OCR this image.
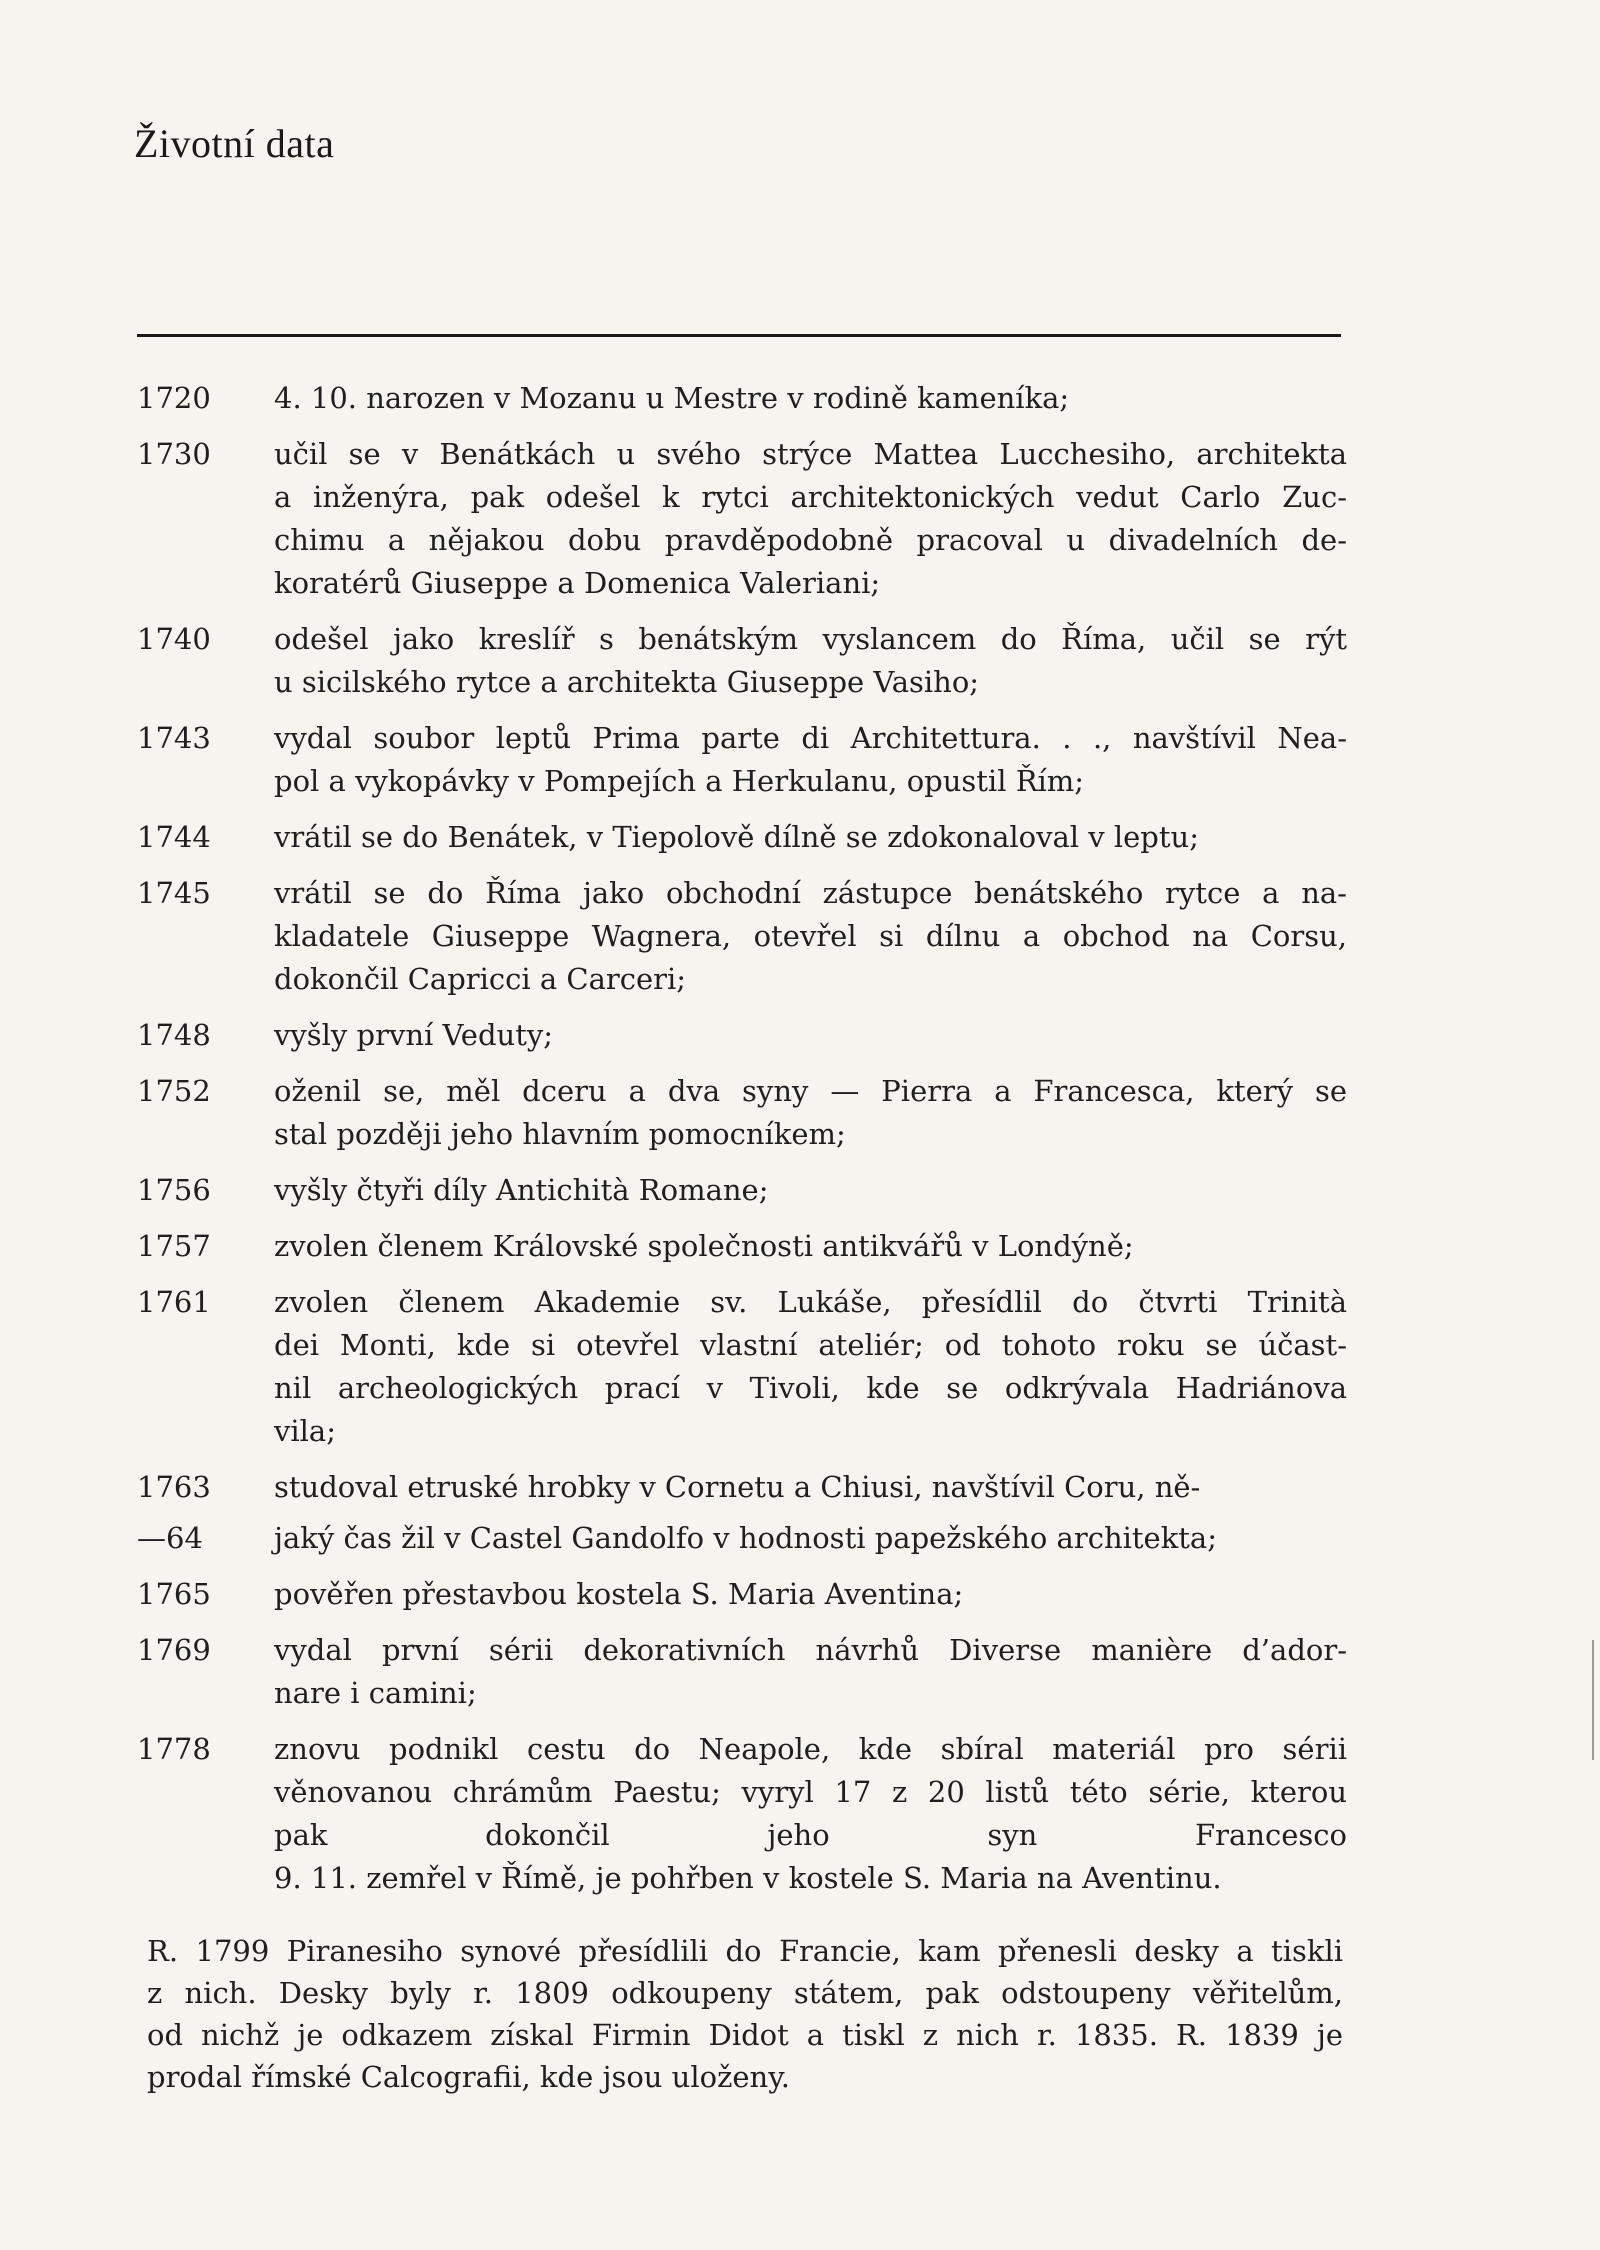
Životní data
1720	4. 10. narozen v Mozanu u Mestre v rodině kameníka;
1730	učil se v Benátkách u svého strýce Mattea Lucchesiho, architekta
a inženýra, pak odešel k rytci architektonických vedut Carlo Zuc-
chimu a nějakou dobu pravděpodobně pracoval u divadelních de-
koratérů Giuseppe a Domenica Valeriani;
1740	odešel jako kreslíř s benátským vyslancem do Říma, učil se rýt
u sicilského rytce a architekta Giuseppe Vasiho;
1743	vydal soubor leptů Prima parte di Architettura. . ., navštívil Nea-
pol a vykopávky v Pompejích a Herkulanu, opustil Řím;
1744	vrátil se do Benátek, v Tiepolově dílně se zdokonaloval v leptu;
1745	vrátil se do Říma jako obchodní zástupce benátského rytce a na-
kladatele Giuseppe Wagnera, otevřel si dílnu a obchod na Corsu,
dokončil Capricci a Carceri;
1748	vyšly první Veduty;
1752	oženil se, měl dceru a dva syny — Pierra a Francesca, který se
stal později jeho hlavním pomocníkem;
1756	vyšly čtyři díly Antichità Romane;
1757	zvolen členem Královské společnosti antikvářů v Londýně;
1761	zvolen členem Akademie sv. Lukáše, přesídlil do čtvrti Trinità
dei Monti, kde si otevřel vlastní ateliér; od tohoto roku se účast-
nil archeologických prací v Tivoli, kde se odkrývala Hadriánova
vila;
1763	studoval etruské hrobky v Cornetu a Chiusi, navštívil Coru, ně-
—64	jaký čas žil v Castel Gandolfo v hodnosti papežského architekta;
1765	pověřen přestavbou kostela S. Maria Aventina;
1769	vydal první sérii dekorativních návrhů Diverse manière d’ador-
nare i camini;
1778	znovu podnikl cestu do Neapole, kde sbíral materiál pro sérii
věnovanou chrámům Paestu; vyryl 17 z 20 listů této série, kterou
pak dokončil jeho syn Francesco
9. 11. zemřel v Římě, je pohřben v kostele S. Maria na Aventinu.
R. 1799 Piranesiho synové přesídlili do Francie, kam přenesli desky a tiskli
z nich. Desky byly r. 1809 odkoupeny státem, pak odstoupeny věřitelům,
od nichž je odkazem získal Firmin Didot a tiskl z nich r. 1835. R. 1839 je
prodal římské Calcografii, kde jsou uloženy.
